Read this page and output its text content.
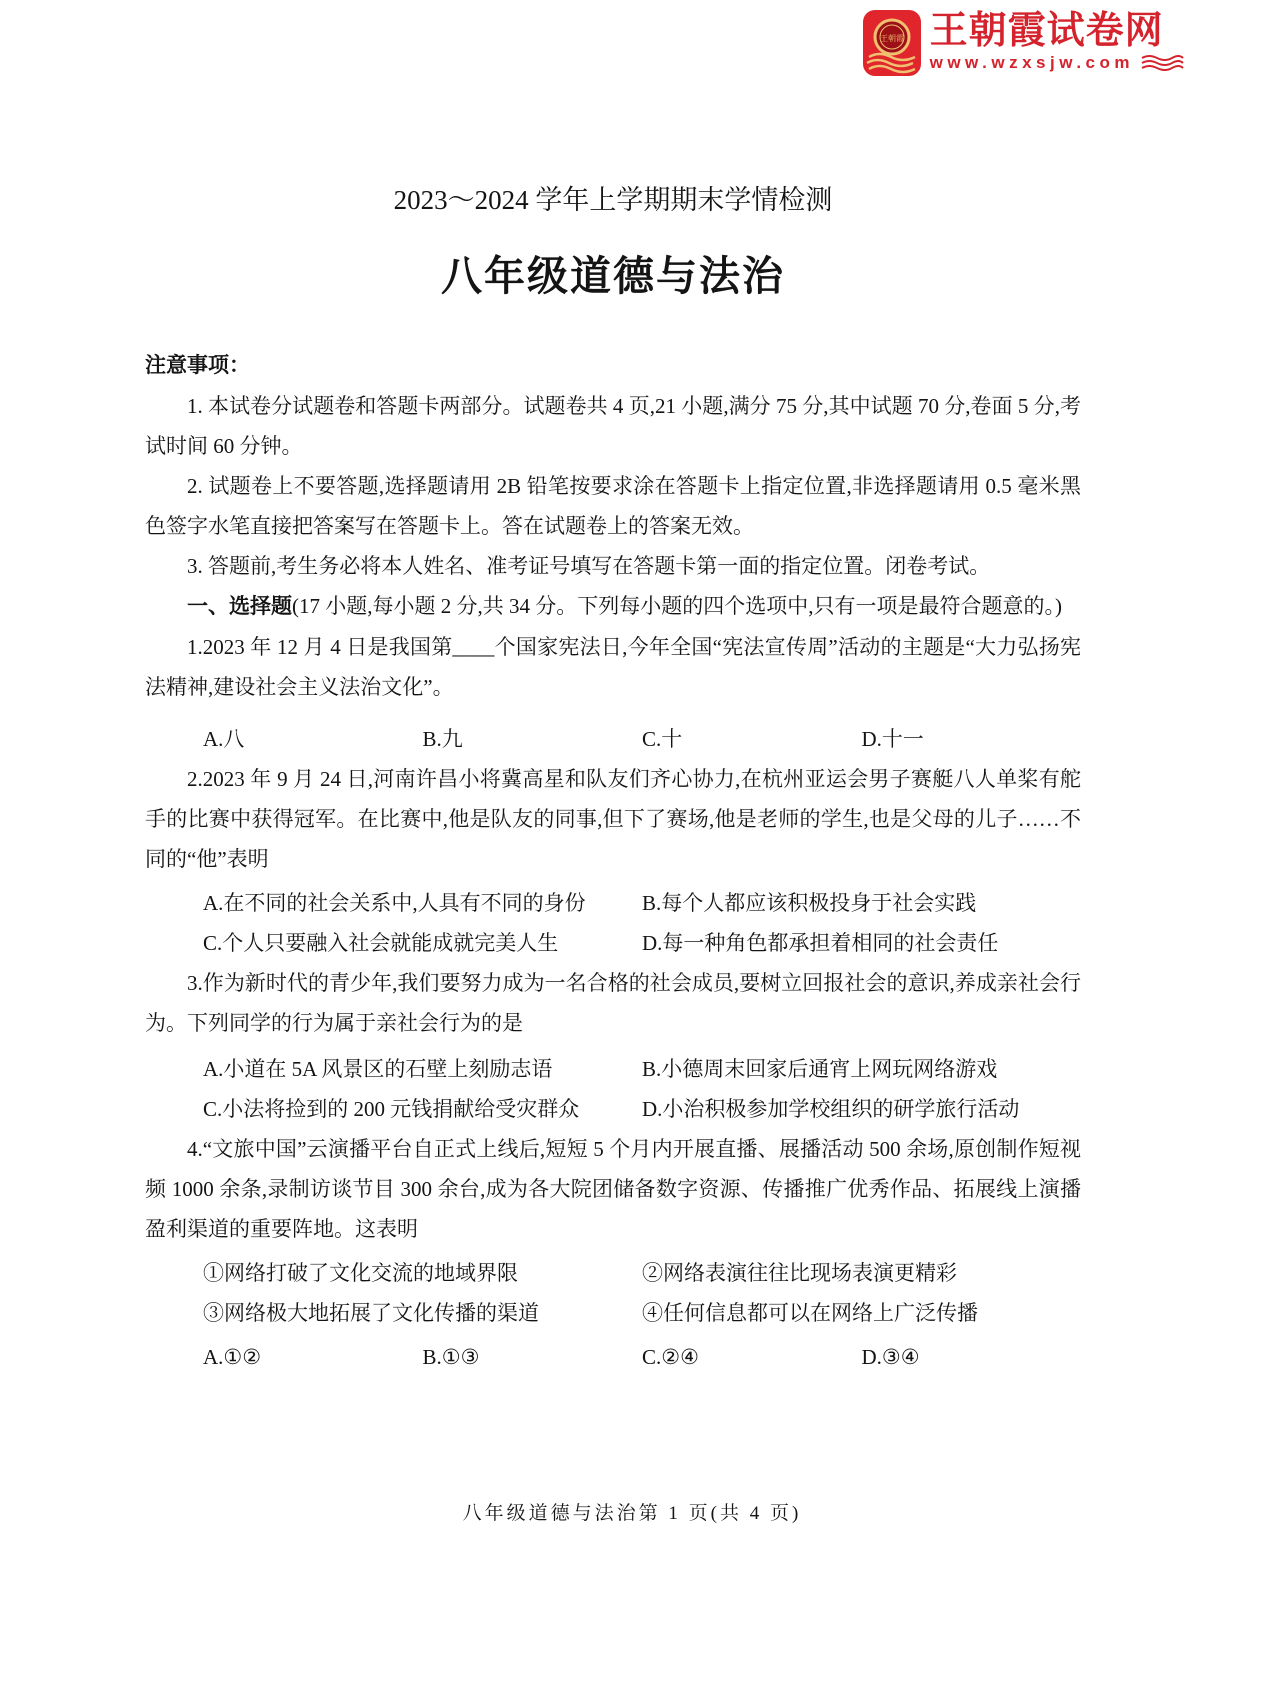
王朝霞 王朝霞试卷网
www.wzxsjw.com

2023～2024 学年上学期期末学情检测

八年级道德与法治

注意事项：

1. 本试卷分试题卷和答题卡两部分。试题卷共 4 页,21 小题,满分 75 分,其中试题 70 分,卷面 5 分,考试时间 60 分钟。

2. 试题卷上不要答题,选择题请用 2B 铅笔按要求涂在答题卡上指定位置,非选择题请用 0.5 毫米黑色签字水笔直接把答案写在答题卡上。答在试题卷上的答案无效。

3. 答题前,考生务必将本人姓名、准考证号填写在答题卡第一面的指定位置。闭卷考试。

一、选择题(17 小题,每小题 2 分,共 34 分。下列每小题的四个选项中,只有一项是最符合题意的。)

1.2023 年 12 月 4 日是我国第____个国家宪法日,今年全国“宪法宣传周”活动的主题是“大力弘扬宪法精神,建设社会主义法治文化”。

A.八	B.九	C.十	D.十一

2.2023 年 9 月 24 日,河南许昌小将冀高星和队友们齐心协力,在杭州亚运会男子赛艇八人单桨有舵手的比赛中获得冠军。在比赛中,他是队友的同事,但下了赛场,他是老师的学生,也是父母的儿子……不同的“他”表明

A.在不同的社会关系中,人具有不同的身份	B.每个人都应该积极投身于社会实践
C.个人只要融入社会就能成就完美人生	D.每一种角色都承担着相同的社会责任

3.作为新时代的青少年,我们要努力成为一名合格的社会成员,要树立回报社会的意识,养成亲社会行为。下列同学的行为属于亲社会行为的是

A.小道在 5A 风景区的石壁上刻励志语	B.小德周末回家后通宵上网玩网络游戏
C.小法将捡到的 200 元钱捐献给受灾群众	D.小治积极参加学校组织的研学旅行活动

4.“文旅中国”云演播平台自正式上线后,短短 5 个月内开展直播、展播活动 500 余场,原创制作短视频 1000 余条,录制访谈节目 300 余台,成为各大院团储备数字资源、传播推广优秀作品、拓展线上演播盈利渠道的重要阵地。这表明

①网络打破了文化交流的地域界限	②网络表演往往比现场表演更精彩
③网络极大地拓展了文化传播的渠道	④任何信息都可以在网络上广泛传播
A.①②	B.①③	C.②④	D.③④

八年级道德与法治第 1 页(共 4 页)
